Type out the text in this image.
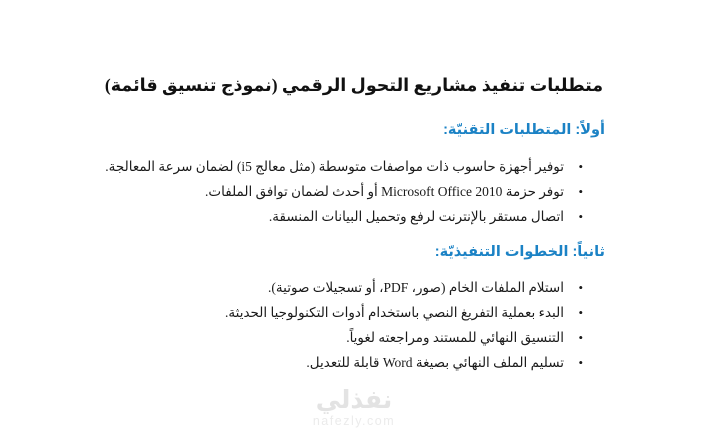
متطلبات تنفيذ مشاريع التحول الرقمي (نموذج تنسيق قائمة)
أولاً: المتطلبات التقنيّة:
•
توفير أجهزة حاسوب ذات مواصفات متوسطة (مثل معالج i5) لضمان سرعة المعالجة.
•
توفر حزمة Microsoft Office 2010 أو أحدث لضمان توافق الملفات.
•
اتصال مستقر بالإنترنت لرفع وتحميل البيانات المنسقة.
ثانياً: الخطوات التنفيذيّة:
•
استلام الملفات الخام (صور، PDF، أو تسجيلات صوتية).
•
البدء بعملية التفريغ النصي باستخدام أدوات التكنولوجيا الحديثة.
•
التنسيق النهائي للمستند ومراجعته لغوياً.
•
تسليم الملف النهائي بصيغة Word قابلة للتعديل.
نفذلي
nafezly.com
